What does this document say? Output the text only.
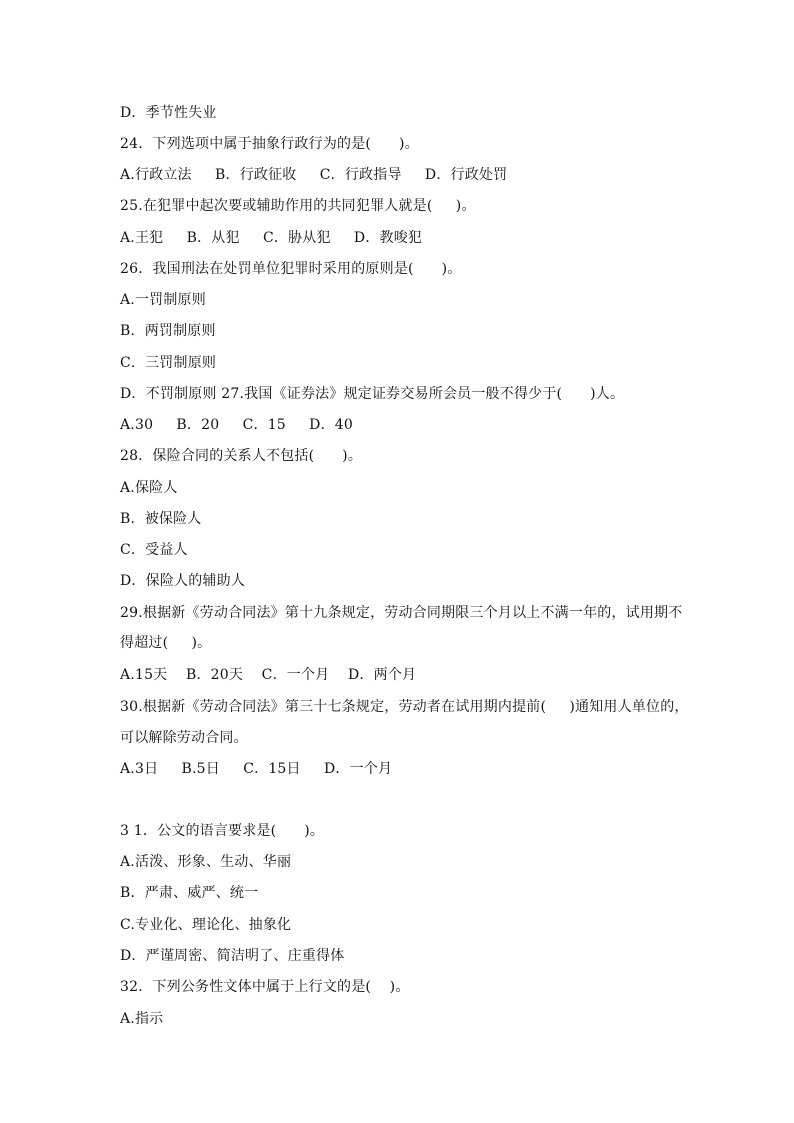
D．季节性失业
24．下列选项中属于抽象行政行为的是(      )。
A.行政立法     B．行政征收     C．行政指导     D．行政处罚
25.在犯罪中起次要或辅助作用的共同犯罪人就是(     )。
A.王犯     B．从犯     C．胁从犯     D．教唆犯
26．我国刑法在处罚单位犯罪时采用的原则是(      )。
A.一罚制原则
B．两罚制原则
C．三罚制原则
D．不罚制原则 27.我国《证券法》规定证券交易所会员一般不得少于(      )人。
A.30     B．20     C．15     D．40
28．保险合同的关系人不包括(      )。
A.保险人
B．被保险人
C．受益人
D．保险人的辅助人
29.根据新《劳动合同法》第十九条规定，劳动合同期限三个月以上不满一年的，试用期不
得超过(     )。
A.15天    B．20天    C．一个月    D．两个月
30.根据新《劳动合同法》第三十七条规定，劳动者在试用期内提前(     )通知用人单位的，
可以解除劳动合同。
A.3日     B.5日     C．15日     D．一个月
3 1．公文的语言要求是(      )。
A.活泼、形象、生动、华丽
B．严肃、威严、统一
C.专业化、理论化、抽象化
D．严谨周密、简洁明了、庄重得体
32．下列公务性文体中属于上行文的是(    )。
A.指示
